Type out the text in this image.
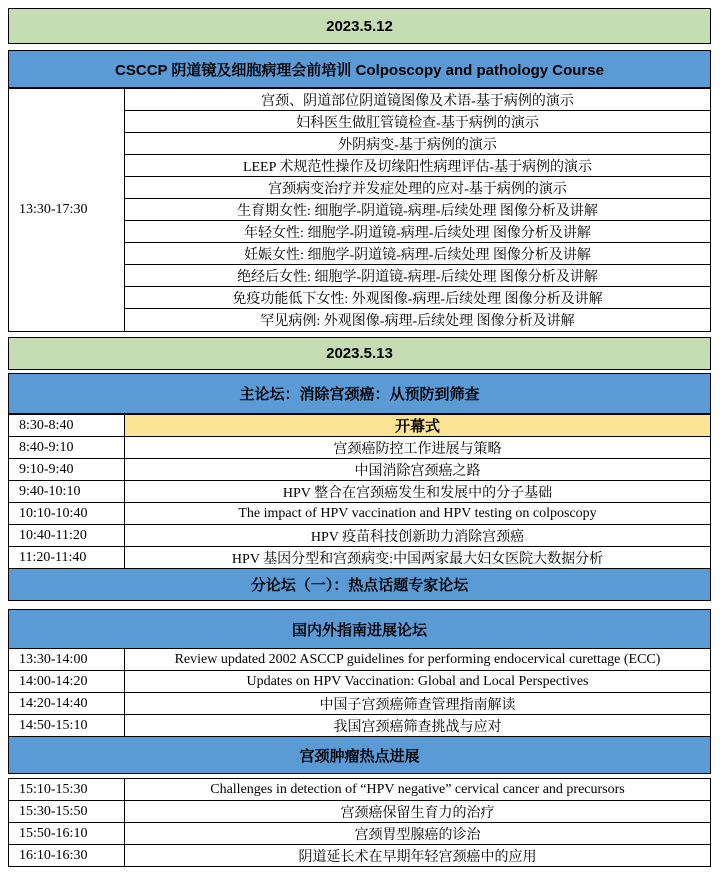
2023.5.12
CSCCP 阴道镜及细胞病理会前培训 Colposcopy and pathology Course
13:30-17:30
宫颈、阴道部位阴道镜图像及术语-基于病例的演示
妇科医生做肛管镜检查-基于病例的演示
外阴病变-基于病例的演示
LEEP 术规范性操作及切缘阳性病理评估-基于病例的演示
宫颈病变治疗并发症处理的应对-基于病例的演示
生育期女性: 细胞学-阴道镜-病理-后续处理 图像分析及讲解
年轻女性: 细胞学-阴道镜-病理-后续处理 图像分析及讲解
妊娠女性: 细胞学-阴道镜-病理-后续处理 图像分析及讲解
绝经后女性: 细胞学-阴道镜-病理-后续处理 图像分析及讲解
免疫功能低下女性: 外观图像-病理-后续处理 图像分析及讲解
罕见病例: 外观图像-病理-后续处理 图像分析及讲解
2023.5.13
主论坛：消除宫颈癌：从预防到筛查
8:30-8:40	开幕式
8:40-9:10	宫颈癌防控工作进展与策略
9:10-9:40	中国消除宫颈癌之路
9:40-10:10	HPV 整合在宫颈癌发生和发展中的分子基础
10:10-10:40	The impact of HPV vaccination and HPV testing on colposcopy
10:40-11:20	HPV 疫苗科技创新助力消除宫颈癌
11:20-11:40	HPV 基因分型和宫颈病变:中国两家最大妇女医院大数据分析
分论坛（一）：热点话题专家论坛
国内外指南进展论坛
13:30-14:00	Review updated 2002 ASCCP guidelines for performing endocervical curettage (ECC)
14:00-14:20	Updates on HPV Vaccination: Global and Local Perspectives
14:20-14:40	中国子宫颈癌筛查管理指南解读
14:50-15:10	我国宫颈癌筛查挑战与应对
宫颈肿瘤热点进展
15:10-15:30	Challenges in detection of “HPV negative” cervical cancer and precursors
15:30-15:50	宫颈癌保留生育力的治疗
15:50-16:10	宫颈胃型腺癌的诊治
16:10-16:30	阴道延长术在早期年轻宫颈癌中的应用
